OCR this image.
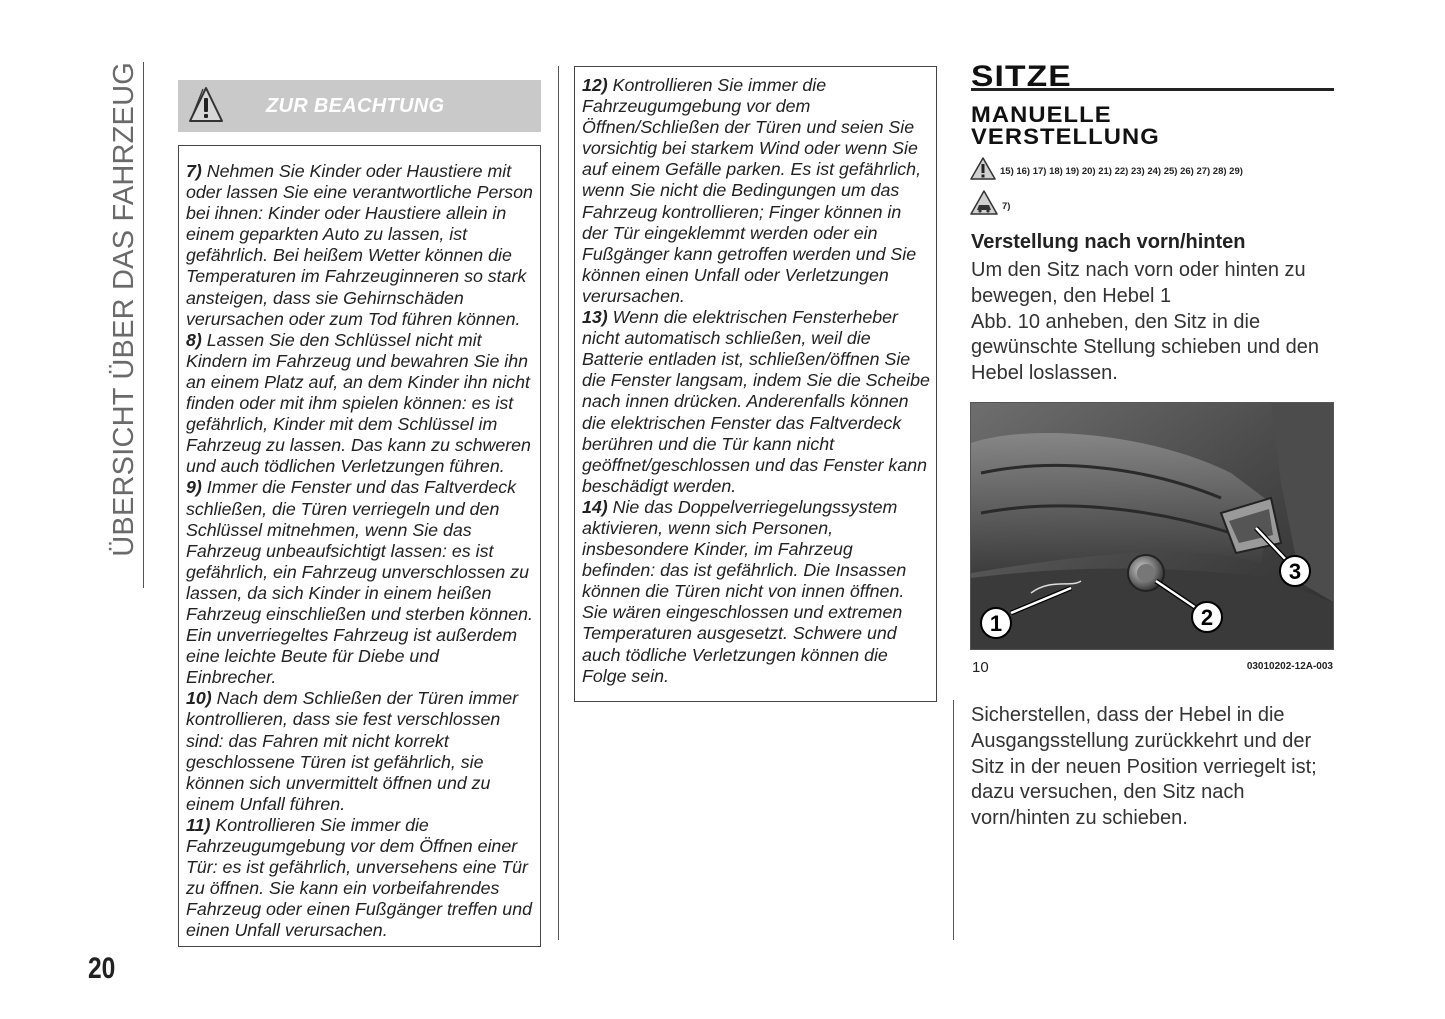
ÜBERSICHT ÜBER DAS FAHRZEUG
20
ZUR BEACHTUNG

7) Nehmen Sie Kinder oder Haustiere mit oder lassen Sie eine verantwortliche Person bei ihnen: Kinder oder Haustiere allein in einem geparkten Auto zu lassen, ist gefährlich. Bei heißem Wetter können die Temperaturen im Fahrzeuginneren so stark ansteigen, dass sie Gehirnschäden verursachen oder zum Tod führen können.

8) Lassen Sie den Schlüssel nicht mit Kindern im Fahrzeug und bewahren Sie ihn an einem Platz auf, an dem Kinder ihn nicht finden oder mit ihm spielen können: es ist gefährlich, Kinder mit dem Schlüssel im Fahrzeug zu lassen. Das kann zu schweren und auch tödlichen Verletzungen führen.

9) Immer die Fenster und das Faltverdeck schließen, die Türen verriegeln und den Schlüssel mitnehmen, wenn Sie das Fahrzeug unbeaufsichtigt lassen: es ist gefährlich, ein Fahrzeug unverschlossen zu lassen, da sich Kinder in einem heißen Fahrzeug einschließen und sterben können. Ein unverriegeltes Fahrzeug ist außerdem eine leichte Beute für Diebe und Einbrecher.

10) Nach dem Schließen der Türen immer kontrollieren, dass sie fest verschlossen sind: das Fahren mit nicht korrekt geschlossene Türen ist gefährlich, sie können sich unvermittelt öffnen und zu einem Unfall führen.

11) Kontrollieren Sie immer die Fahrzeugumgebung vor dem Öffnen einer Tür: es ist gefährlich, unversehens eine Tür zu öffnen. Sie kann ein vorbeifahrendes Fahrzeug oder einen Fußgänger treffen und einen Unfall verursachen.

12) Kontrollieren Sie immer die Fahrzeugumgebung vor dem Öffnen/Schließen der Türen und seien Sie vorsichtig bei starkem Wind oder wenn Sie auf einem Gefälle parken. Es ist gefährlich, wenn Sie nicht die Bedingungen um das Fahrzeug kontrollieren; Finger können in der Tür eingeklemmt werden oder ein Fußgänger kann getroffen werden und Sie können einen Unfall oder Verletzungen verursachen.

13) Wenn die elektrischen Fensterheber nicht automatisch schließen, weil die Batterie entladen ist, schließen/öffnen Sie die Fenster langsam, indem Sie die Scheibe nach innen drücken. Anderenfalls können die elektrischen Fenster das Faltverdeck berühren und die Tür kann nicht geöffnet/geschlossen und das Fenster kann beschädigt werden.

14) Nie das Doppelverriegelungssystem aktivieren, wenn sich Personen, insbesondere Kinder, im Fahrzeug befinden: das ist gefährlich. Die Insassen können die Türen nicht von innen öffnen. Sie wären eingeschlossen und extremen Temperaturen ausgesetzt. Schwere und auch tödliche Verletzungen können die Folge sein.

SITZE
MANUELLE
VERSTELLUNG
15) 16) 17) 18) 19) 20) 21) 22) 23) 24) 25) 26) 27) 28) 29)
7)
Verstellung nach vorn/hinten

Um den Sitz nach vorn oder hinten zu

bewegen, den Hebel 1

Abb. 10 anheben, den Sitz in die

gewünschte Stellung schieben und den

Hebel loslassen.

1	2
3
10	03010202-12A-003

Sicherstellen, dass der Hebel in die

Ausgangsstellung zurückkehrt und der

Sitz in der neuen Position verriegelt ist;

dazu versuchen, den Sitz nach

vorn/hinten zu schieben.
